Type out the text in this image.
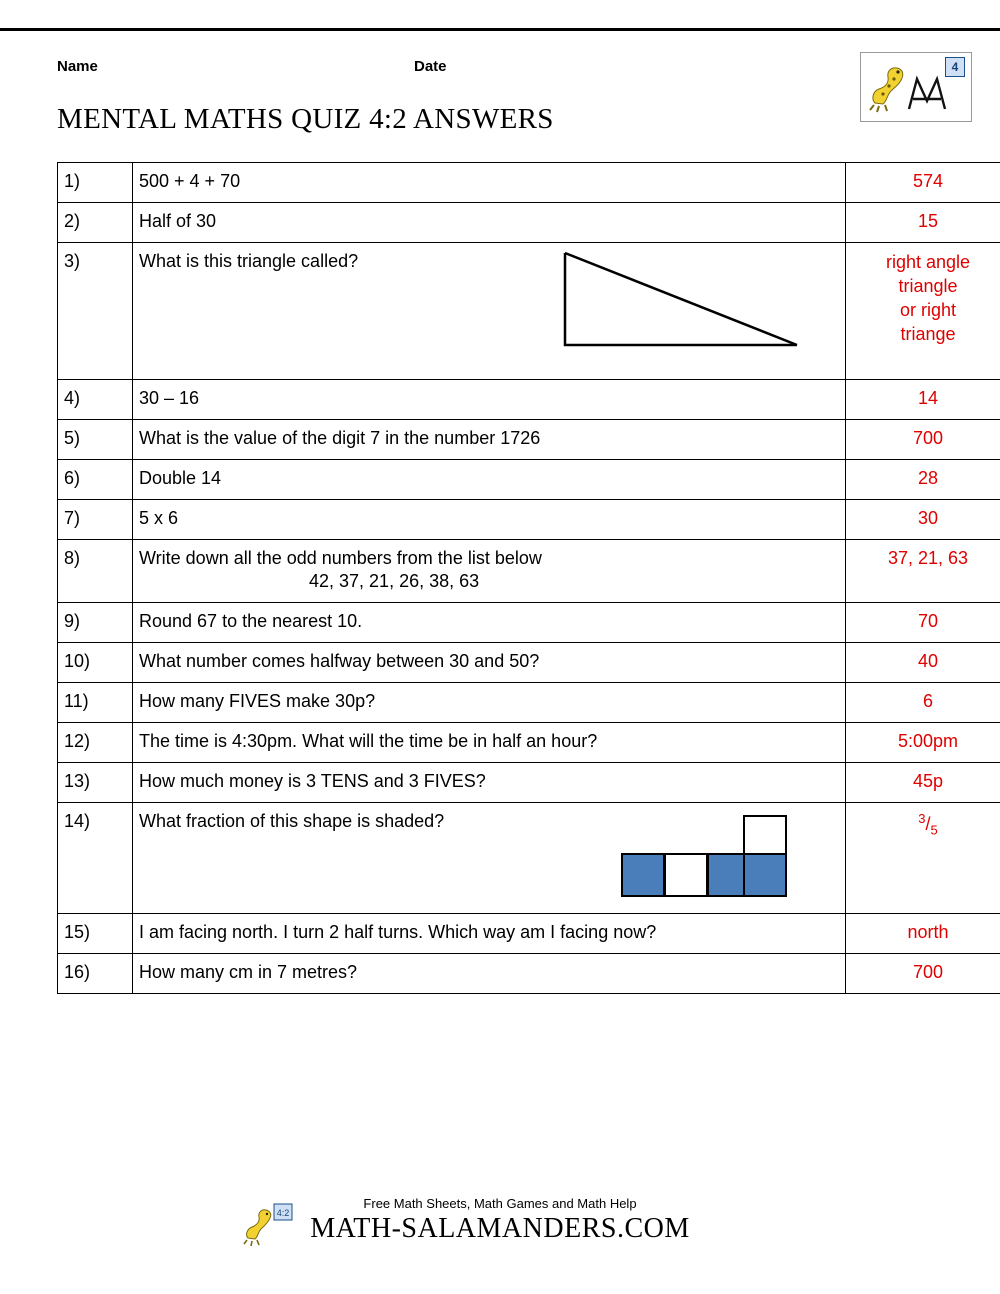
Name	Date
MENTAL MATHS QUIZ 4:2 ANSWERS
4
1)	500 + 4 + 70	574
2)	Half of 30	15
3)	What is this triangle called?	right angle
triangle
or right
triange

4)	30 – 16	14
5)	What is the value of the digit 7 in the number 1726	700
6)	Double 14	28
7)	5 x 6	30
8)	Write down all the odd numbers from the list below
42, 37, 21, 26, 38, 63	37, 21, 63
9)	Round 67 to the nearest 10.	70
10)	What number comes halfway between 30 and 50?	40
11)	How many FIVES make 30p?	6
12)	The time is 4:30pm. What will the time be in half an hour?	5:00pm
13)	How much money is 3 TENS and 3 FIVES?	45p
14)	What fraction of this shape is shaded?	$^3/_5$
15)	I am facing north. I turn 2 half turns. Which way am I facing now?	north
16)	How many cm in 7 metres?	700
4:2
Free Math Sheets, Math Games and Math Help
MATH-SALAMANDERS.COM
